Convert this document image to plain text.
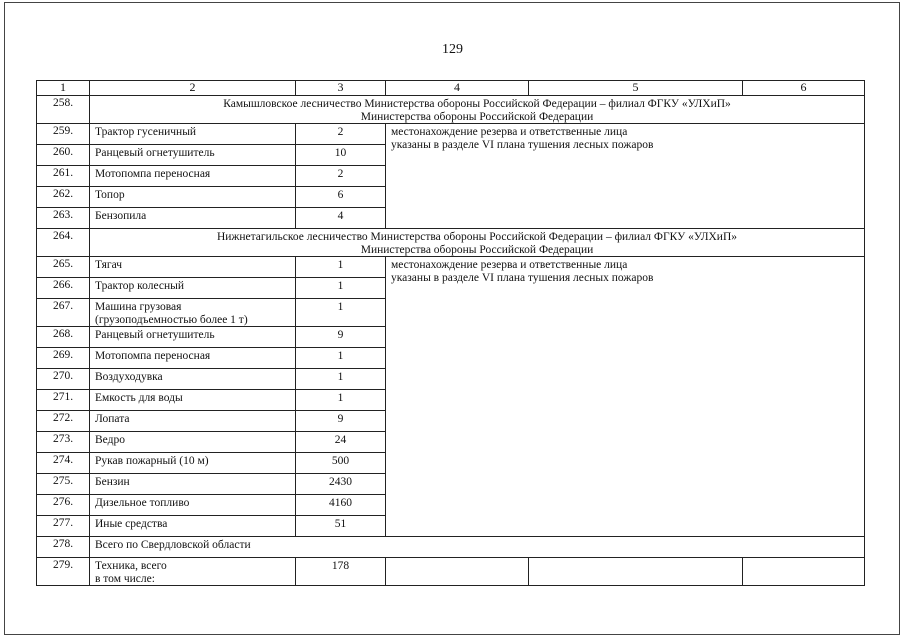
129
1	2	3	4	5	6
258.	Камышловское лесничество Министерства обороны Российской Федерации – филиал ФГКУ «УЛХиП»
Министерства обороны Российской Федерации				

259.	Трактор гусеничный	2	местонахождение резерва и ответственные лица
указаны в разделе VI плана тушения лесных пожаров		

260.	Ранцевый огнетушитель	10			
261.	Мотопомпа переносная	2			
262.	Топор	6			
263.	Бензопила	4			
264.	Нижнетагильское лесничество Министерства обороны Российской Федерации – филиал ФГКУ «УЛХиП»
Министерства обороны Российской Федерации				

265.	Тягач	1	местонахождение резерва и ответственные лица
указаны в разделе VI плана тушения лесных пожаров		

266.	Трактор колесный	1			
267.	Машина грузовая
(грузоподъемностью более 1 т)	1			
268.	Ранцевый огнетушитель	9			
269.	Мотопомпа переносная	1			
270.	Воздуходувка	1			
271.	Емкость для воды	1			
272.	Лопата	9			
273.	Ведро	24			
274.	Рукав пожарный (10 м)	500			
275.	Бензин	2430			
276.	Дизельное топливо	4160			
277.	Иные средства	51			
278.	Всего по Свердловской области				
279.	Техника, всего
в том числе:	178			
